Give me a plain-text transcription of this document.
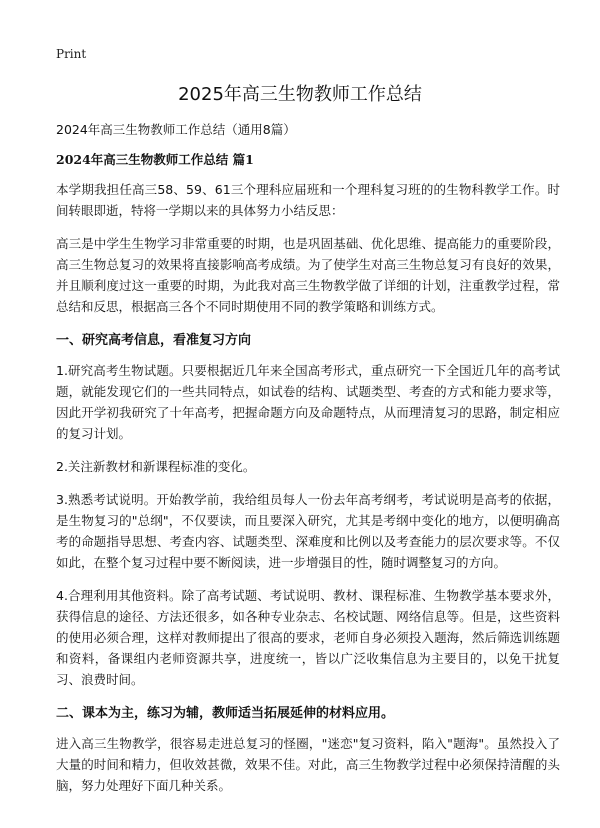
Print
2025年高三生物教师工作总结
2024年高三生物教师工作总结（通用8篇）
2024年高三生物教师工作总结 篇1

本学期我担任高三58、59、61三个理科应届班和一个理科复习班的的生物科教学工作。时间转眼即逝，特将一学期以来的具体努力小结反思：

高三是中学生生物学习非常重要的时期，也是巩固基础、优化思维、提高能力的重要阶段，高三生物总复习的效果将直接影响高考成绩。为了使学生对高三生物总复习有良好的效果，并且顺利度过这一重要的时期，为此我对高三生物教学做了详细的计划，注重教学过程，常总结和反思，根据高三各个不同时期使用不同的教学策略和训练方式。

一、研究高考信息，看准复习方向

1.研究高考生物试题。只要根据近几年来全国高考形式，重点研究一下全国近几年的高考试题，就能发现它们的一些共同特点，如试卷的结构、试题类型、考查的方式和能力要求等，因此开学初我研究了十年高考，把握命题方向及命题特点，从而理清复习的思路，制定相应的复习计划。

2.关注新教材和新课程标准的变化。

3.熟悉考试说明。开始教学前，我给组员每人一份去年高考纲考，考试说明是高考的依据，是生物复习的"总纲"，不仅要读，而且要深入研究，尤其是考纲中变化的地方，以便明确高考的命题指导思想、考查内容、试题类型、深难度和比例以及考查能力的层次要求等。不仅如此，在整个复习过程中要不断阅读，进一步增强目的性，随时调整复习的方向。

4.合理利用其他资料。除了高考试题、考试说明、教材、课程标准、生物教学基本要求外，获得信息的途径、方法还很多，如各种专业杂志、名校试题、网络信息等。但是，这些资料的使用必须合理，这样对教师提出了很高的要求，老师自身必须投入题海，然后筛选训练题和资料，备课组内老师资源共享，进度统一，皆以广泛收集信息为主要目的，以免干扰复习、浪费时间。

二、课本为主，练习为辅，教师适当拓展延伸的材料应用。

进入高三生物教学，很容易走进总复习的怪圈，"迷恋"复习资料，陷入"题海"。虽然投入了大量的时间和精力，但收效甚微，效果不佳。对此，高三生物教学过程中必须保持清醒的头脑，努力处理好下面几种关系。
